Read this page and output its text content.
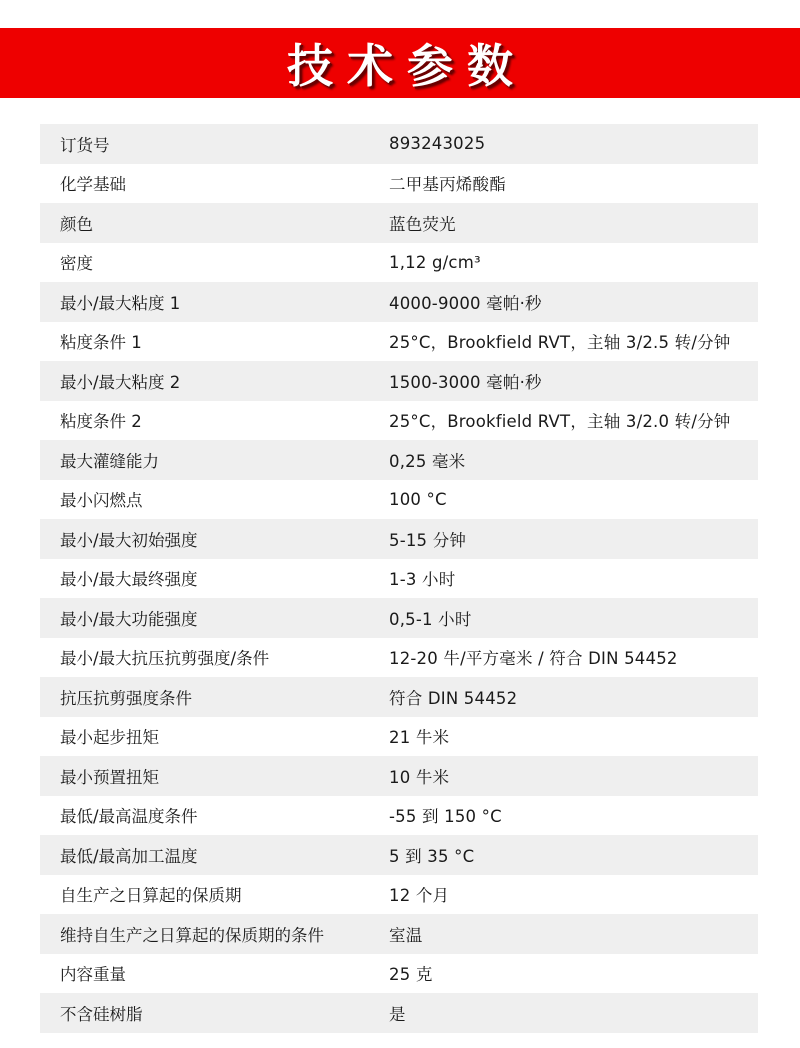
技术参数
订货号	893243025
化学基础	二甲基丙烯酸酯
颜色	蓝色荧光
密度	1,12 g/cm³
最小/最大粘度 1	4000-9000 毫帕·秒
粘度条件 1	25°C，Brookfield RVT，主轴 3/2.5 转/分钟
最小/最大粘度 2	1500-3000 毫帕·秒
粘度条件 2	25°C，Brookfield RVT，主轴 3/2.0 转/分钟
最大灌缝能力	0,25 毫米
最小闪燃点	100 °C
最小/最大初始强度	5-15 分钟
最小/最大最终强度	1-3 小时
最小/最大功能强度	0,5-1 小时
最小/最大抗压抗剪强度/条件	12-20 牛/平方毫米 / 符合 DIN 54452
抗压抗剪强度条件	符合 DIN 54452
最小起步扭矩	21 牛米
最小预置扭矩	10 牛米
最低/最高温度条件	-55 到 150 °C
最低/最高加工温度	5 到 35 °C
自生产之日算起的保质期	12 个月
维持自生产之日算起的保质期的条件	室温
内容重量	25 克
不含硅树脂	是
